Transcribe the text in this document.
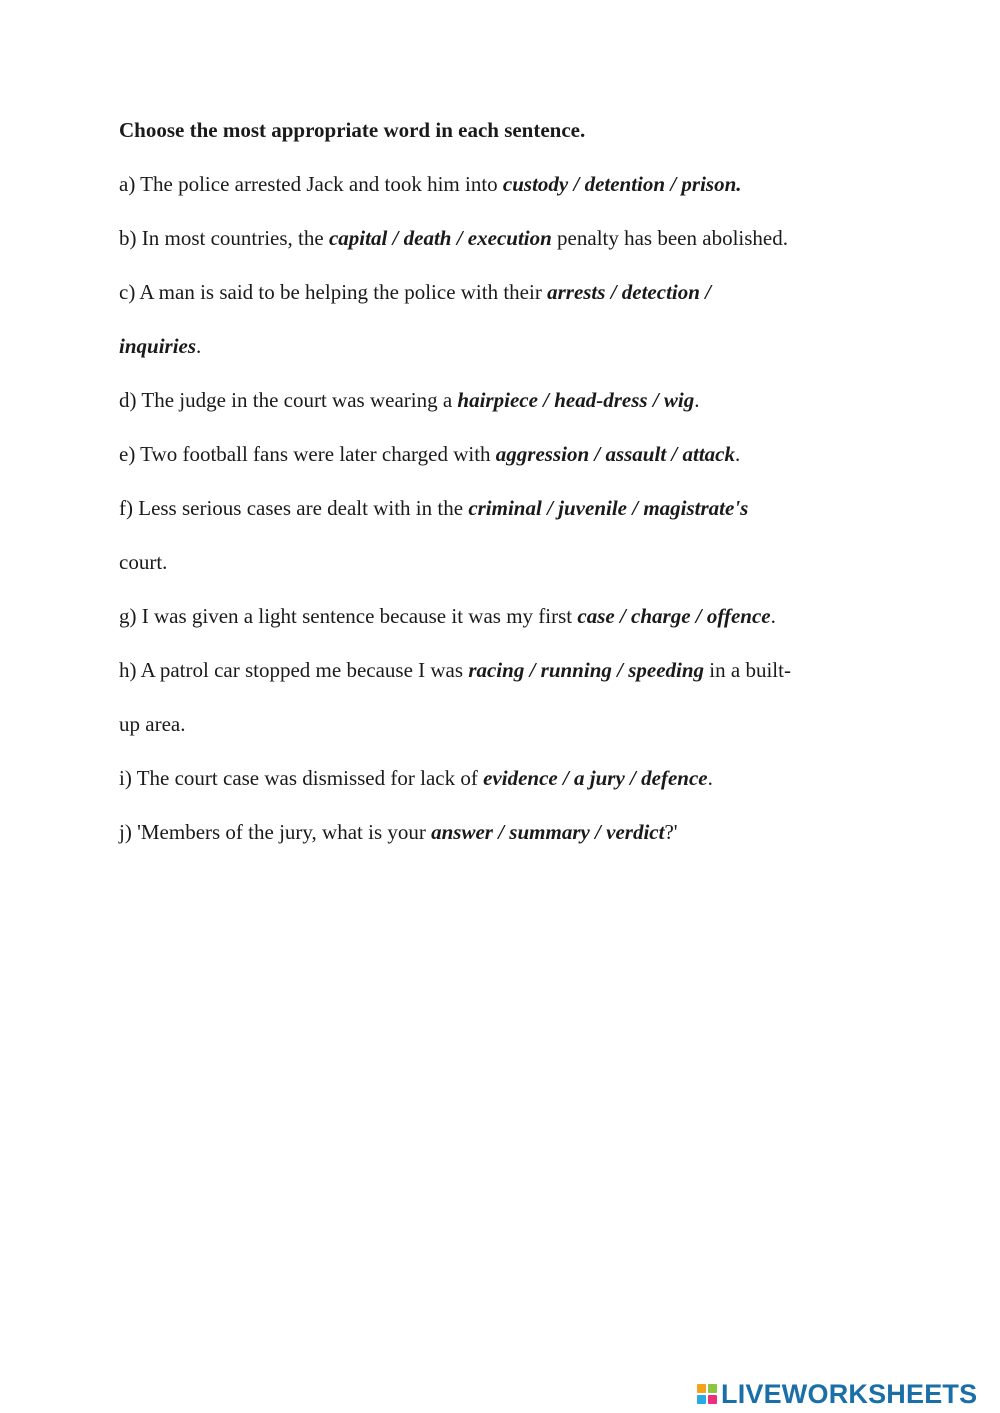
Choose the most appropriate word in each sentence.

a) The police arrested Jack and took him into custody / detention / prison.
b) In most countries, the capital / death / execution penalty has been abolished.
c) A man is said to be helping the police with their arrests / detection /
inquiries.
d) The judge in the court was wearing a hairpiece / head-dress / wig.
e) Two football fans were later charged with aggression / assault / attack.
f) Less serious cases are dealt with in the criminal / juvenile / magistrate's
court.
g) I was given a light sentence because it was my first case / charge / offence.
h) A patrol car stopped me because I was racing / running / speeding in a built-
up area.
i) The court case was dismissed for lack of evidence / a jury / defence.
j) 'Members of the jury, what is your answer / summary / verdict?'
LIVEWORKSHEETS
